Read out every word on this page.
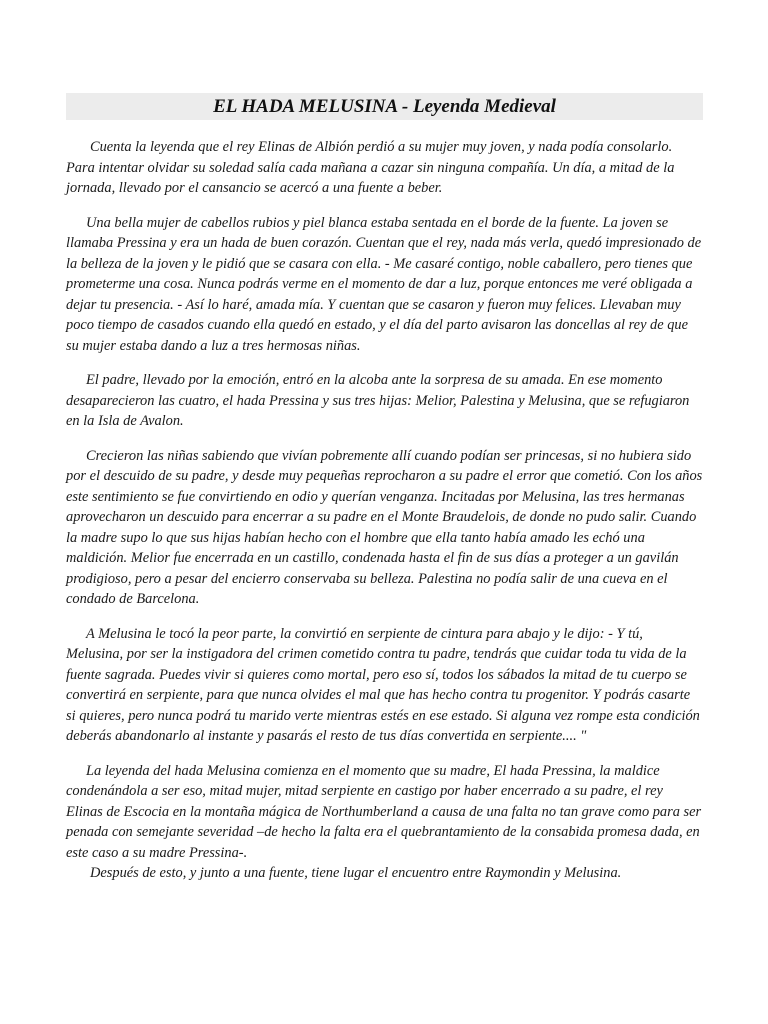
EL HADA MELUSINA - Leyenda Medieval

Cuenta la leyenda que el rey Elinas de Albión perdió a su mujer muy joven, y nada podía consolarlo. Para intentar olvidar su soledad salía cada mañana a cazar sin ninguna compañía. Un día, a mitad de la jornada, llevado por el cansancio se acercó a una fuente a beber.

Una bella mujer de cabellos rubios y piel blanca estaba sentada en el borde de la fuente. La joven se llamaba Pressina y era un hada de buen corazón. Cuentan que el rey, nada más verla, quedó impresionado de la belleza de la joven y le pidió que se casara con ella. - Me casaré contigo, noble caballero, pero tienes que prometerme una cosa. Nunca podrás verme en el momento de dar a luz, porque entonces me veré obligada a dejar tu presencia. - Así lo haré, amada mía. Y cuentan que se casaron y fueron muy felices. Llevaban muy poco tiempo de casados cuando ella quedó en estado, y el día del parto avisaron las doncellas al rey de que su mujer estaba dando a luz a tres hermosas niñas.

El padre, llevado por la emoción, entró en la alcoba ante la sorpresa de su amada. En ese momento desaparecieron las cuatro, el hada Pressina y sus tres hijas: Melior, Palestina y Melusina, que se refugiaron en la Isla de Avalon.

Crecieron las niñas sabiendo que vivían pobremente allí cuando podían ser princesas, si no hubiera sido por el descuido de su padre, y desde muy pequeñas reprocharon a su padre el error que cometió. Con los años este sentimiento se fue convirtiendo en odio y querían venganza. Incitadas por Melusina, las tres hermanas aprovecharon un descuido para encerrar a su padre en el Monte Braudelois, de donde no pudo salir. Cuando la madre supo lo que sus hijas habían hecho con el hombre que ella tanto había amado les echó una maldición. Melior fue encerrada en un castillo, condenada hasta el fin de sus días a proteger a un gavilán prodigioso, pero a pesar del encierro conservaba su belleza. Palestina no podía salir de una cueva en el condado de Barcelona.

A Melusina le tocó la peor parte, la convirtió en serpiente de cintura para abajo y le dijo: - Y tú, Melusina, por ser la instigadora del crimen cometido contra tu padre, tendrás que cuidar toda tu vida de la fuente sagrada. Puedes vivir si quieres como mortal, pero eso sí, todos los sábados la mitad de tu cuerpo se convertirá en serpiente, para que nunca olvides el mal que has hecho contra tu progenitor. Y podrás casarte si quieres, pero nunca podrá tu marido verte mientras estés en ese estado. Si alguna vez rompe esta condición deberás abandonarlo al instante y pasarás el resto de tus días convertida en serpiente.... "

La leyenda del hada Melusina comienza en el momento que su madre, El hada Pressina, la maldice condenándola a ser eso, mitad mujer, mitad serpiente en castigo por haber encerrado a su padre, el rey Elinas de Escocia en la montaña mágica de Northumberland a causa de una falta no tan grave como para ser penada con semejante severidad –de hecho la falta era el quebrantamiento de la consabida promesa dada, en este caso a su madre Pressina-.

Después de esto, y junto a una fuente, tiene lugar el encuentro entre Raymondin y Melusina.
